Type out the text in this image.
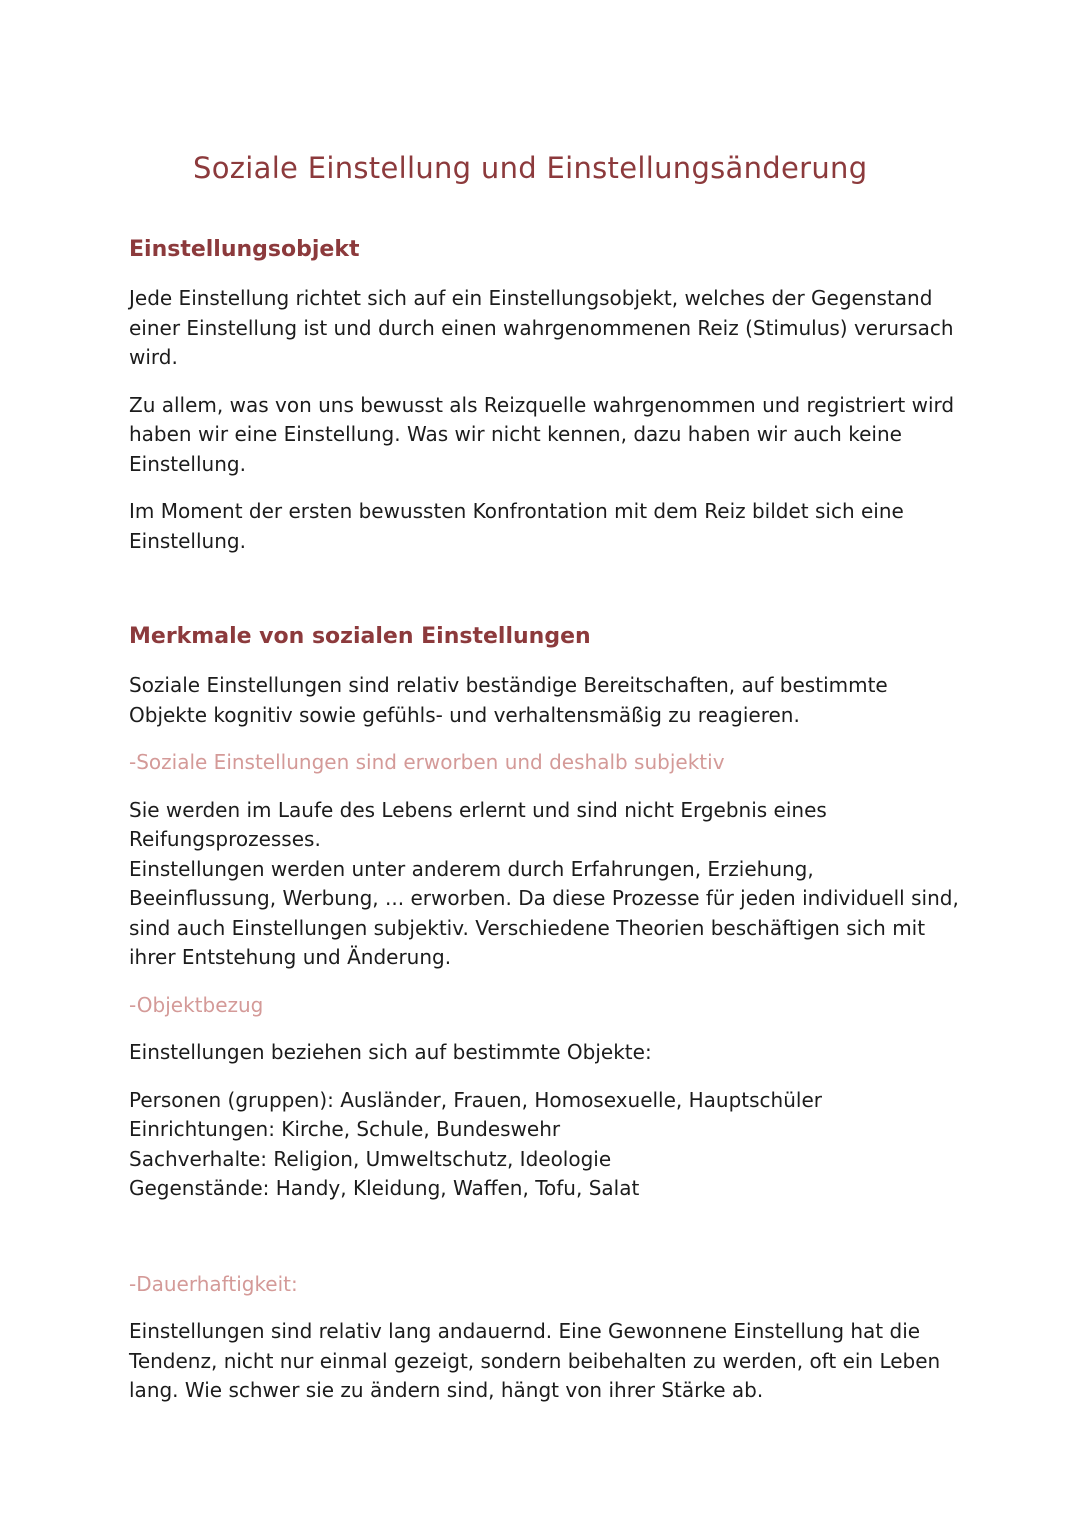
Soziale Einstellung und Einstellungsänderung
Einstellungsobjekt

Jede Einstellung richtet sich auf ein Einstellungsobjekt, welches der Gegenstand einer Einstellung ist und durch einen wahrgenommenen Reiz (Stimulus) verursach wird.

Zu allem, was von uns bewusst als Reizquelle wahrgenommen und registriert wird haben wir eine Einstellung. Was wir nicht kennen, dazu haben wir auch keine Einstellung.

Im Moment der ersten bewussten Konfrontation mit dem Reiz bildet sich eine Einstellung.

Merkmale von sozialen Einstellungen

Soziale Einstellungen sind relativ beständige Bereitschaften, auf bestimmte Objekte kognitiv sowie gefühls- und verhaltensmäßig zu reagieren.

-Soziale Einstellungen sind erworben und deshalb subjektiv

Sie werden im Laufe des Lebens erlernt und sind nicht Ergebnis eines Reifungsprozesses.
Einstellungen werden unter anderem durch Erfahrungen, Erziehung, Beeinflussung, Werbung, ... erworben. Da diese Prozesse für jeden individuell sind, sind auch Einstellungen subjektiv. Verschiedene Theorien beschäftigen sich mit ihrer Entstehung und Änderung.

-Objektbezug

Einstellungen beziehen sich auf bestimmte Objekte:

Personen (gruppen): Ausländer, Frauen, Homosexuelle, Hauptschüler
Einrichtungen: Kirche, Schule, Bundeswehr
Sachverhalte: Religion, Umweltschutz, Ideologie
Gegenstände: Handy, Kleidung, Waffen, Tofu, Salat

-Dauerhaftigkeit:

Einstellungen sind relativ lang andauernd. Eine Gewonnene Einstellung hat die Tendenz, nicht nur einmal gezeigt, sondern beibehalten zu werden, oft ein Leben lang. Wie schwer sie zu ändern sind, hängt von ihrer Stärke ab.
